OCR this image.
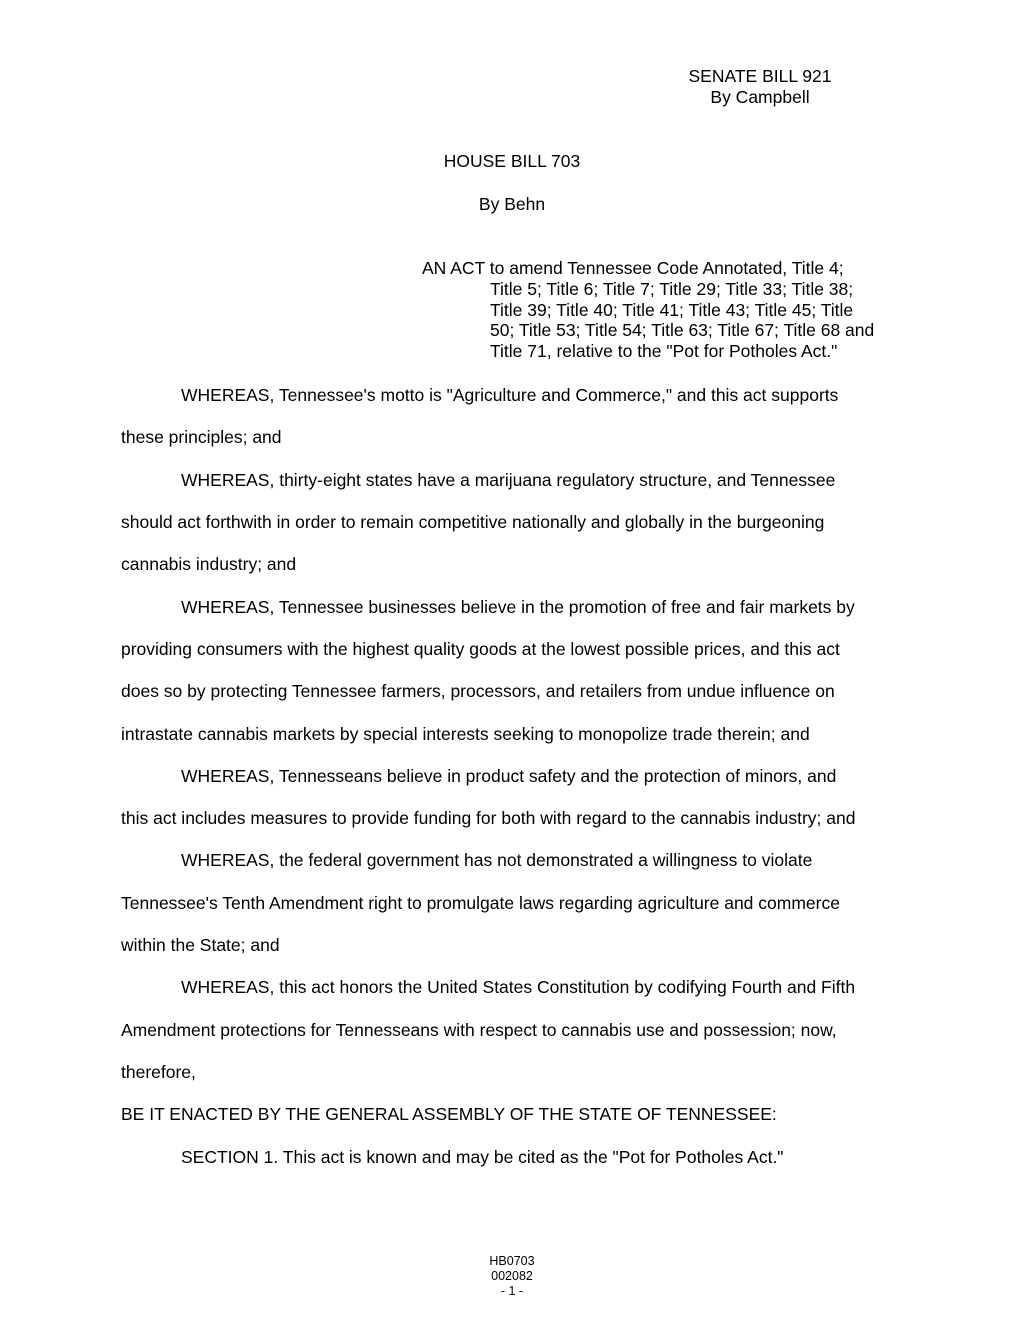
SENATE BILL 921
By Campbell
HOUSE BILL 703
By Behn
AN ACT to amend Tennessee Code Annotated, Title 4;
Title 5; Title 6; Title 7; Title 29; Title 33; Title 38;
Title 39; Title 40; Title 41; Title 43; Title 45; Title
50; Title 53; Title 54; Title 63; Title 67; Title 68 and
Title 71, relative to the "Pot for Potholes Act."
WHEREAS, Tennessee's motto is "Agriculture and Commerce," and this act supports
these principles; and
WHEREAS, thirty-eight states have a marijuana regulatory structure, and Tennessee
should act forthwith in order to remain competitive nationally and globally in the burgeoning
cannabis industry; and
WHEREAS, Tennessee businesses believe in the promotion of free and fair markets by
providing consumers with the highest quality goods at the lowest possible prices, and this act
does so by protecting Tennessee farmers, processors, and retailers from undue influence on
intrastate cannabis markets by special interests seeking to monopolize trade therein; and
WHEREAS, Tennesseans believe in product safety and the protection of minors, and
this act includes measures to provide funding for both with regard to the cannabis industry; and
WHEREAS, the federal government has not demonstrated a willingness to violate
Tennessee's Tenth Amendment right to promulgate laws regarding agriculture and commerce
within the State; and
WHEREAS, this act honors the United States Constitution by codifying Fourth and Fifth
Amendment protections for Tennesseans with respect to cannabis use and possession; now,
therefore,
BE IT ENACTED BY THE GENERAL ASSEMBLY OF THE STATE OF TENNESSEE:
SECTION 1. This act is known and may be cited as the "Pot for Potholes Act."
HB0703
002082
- 1 -
